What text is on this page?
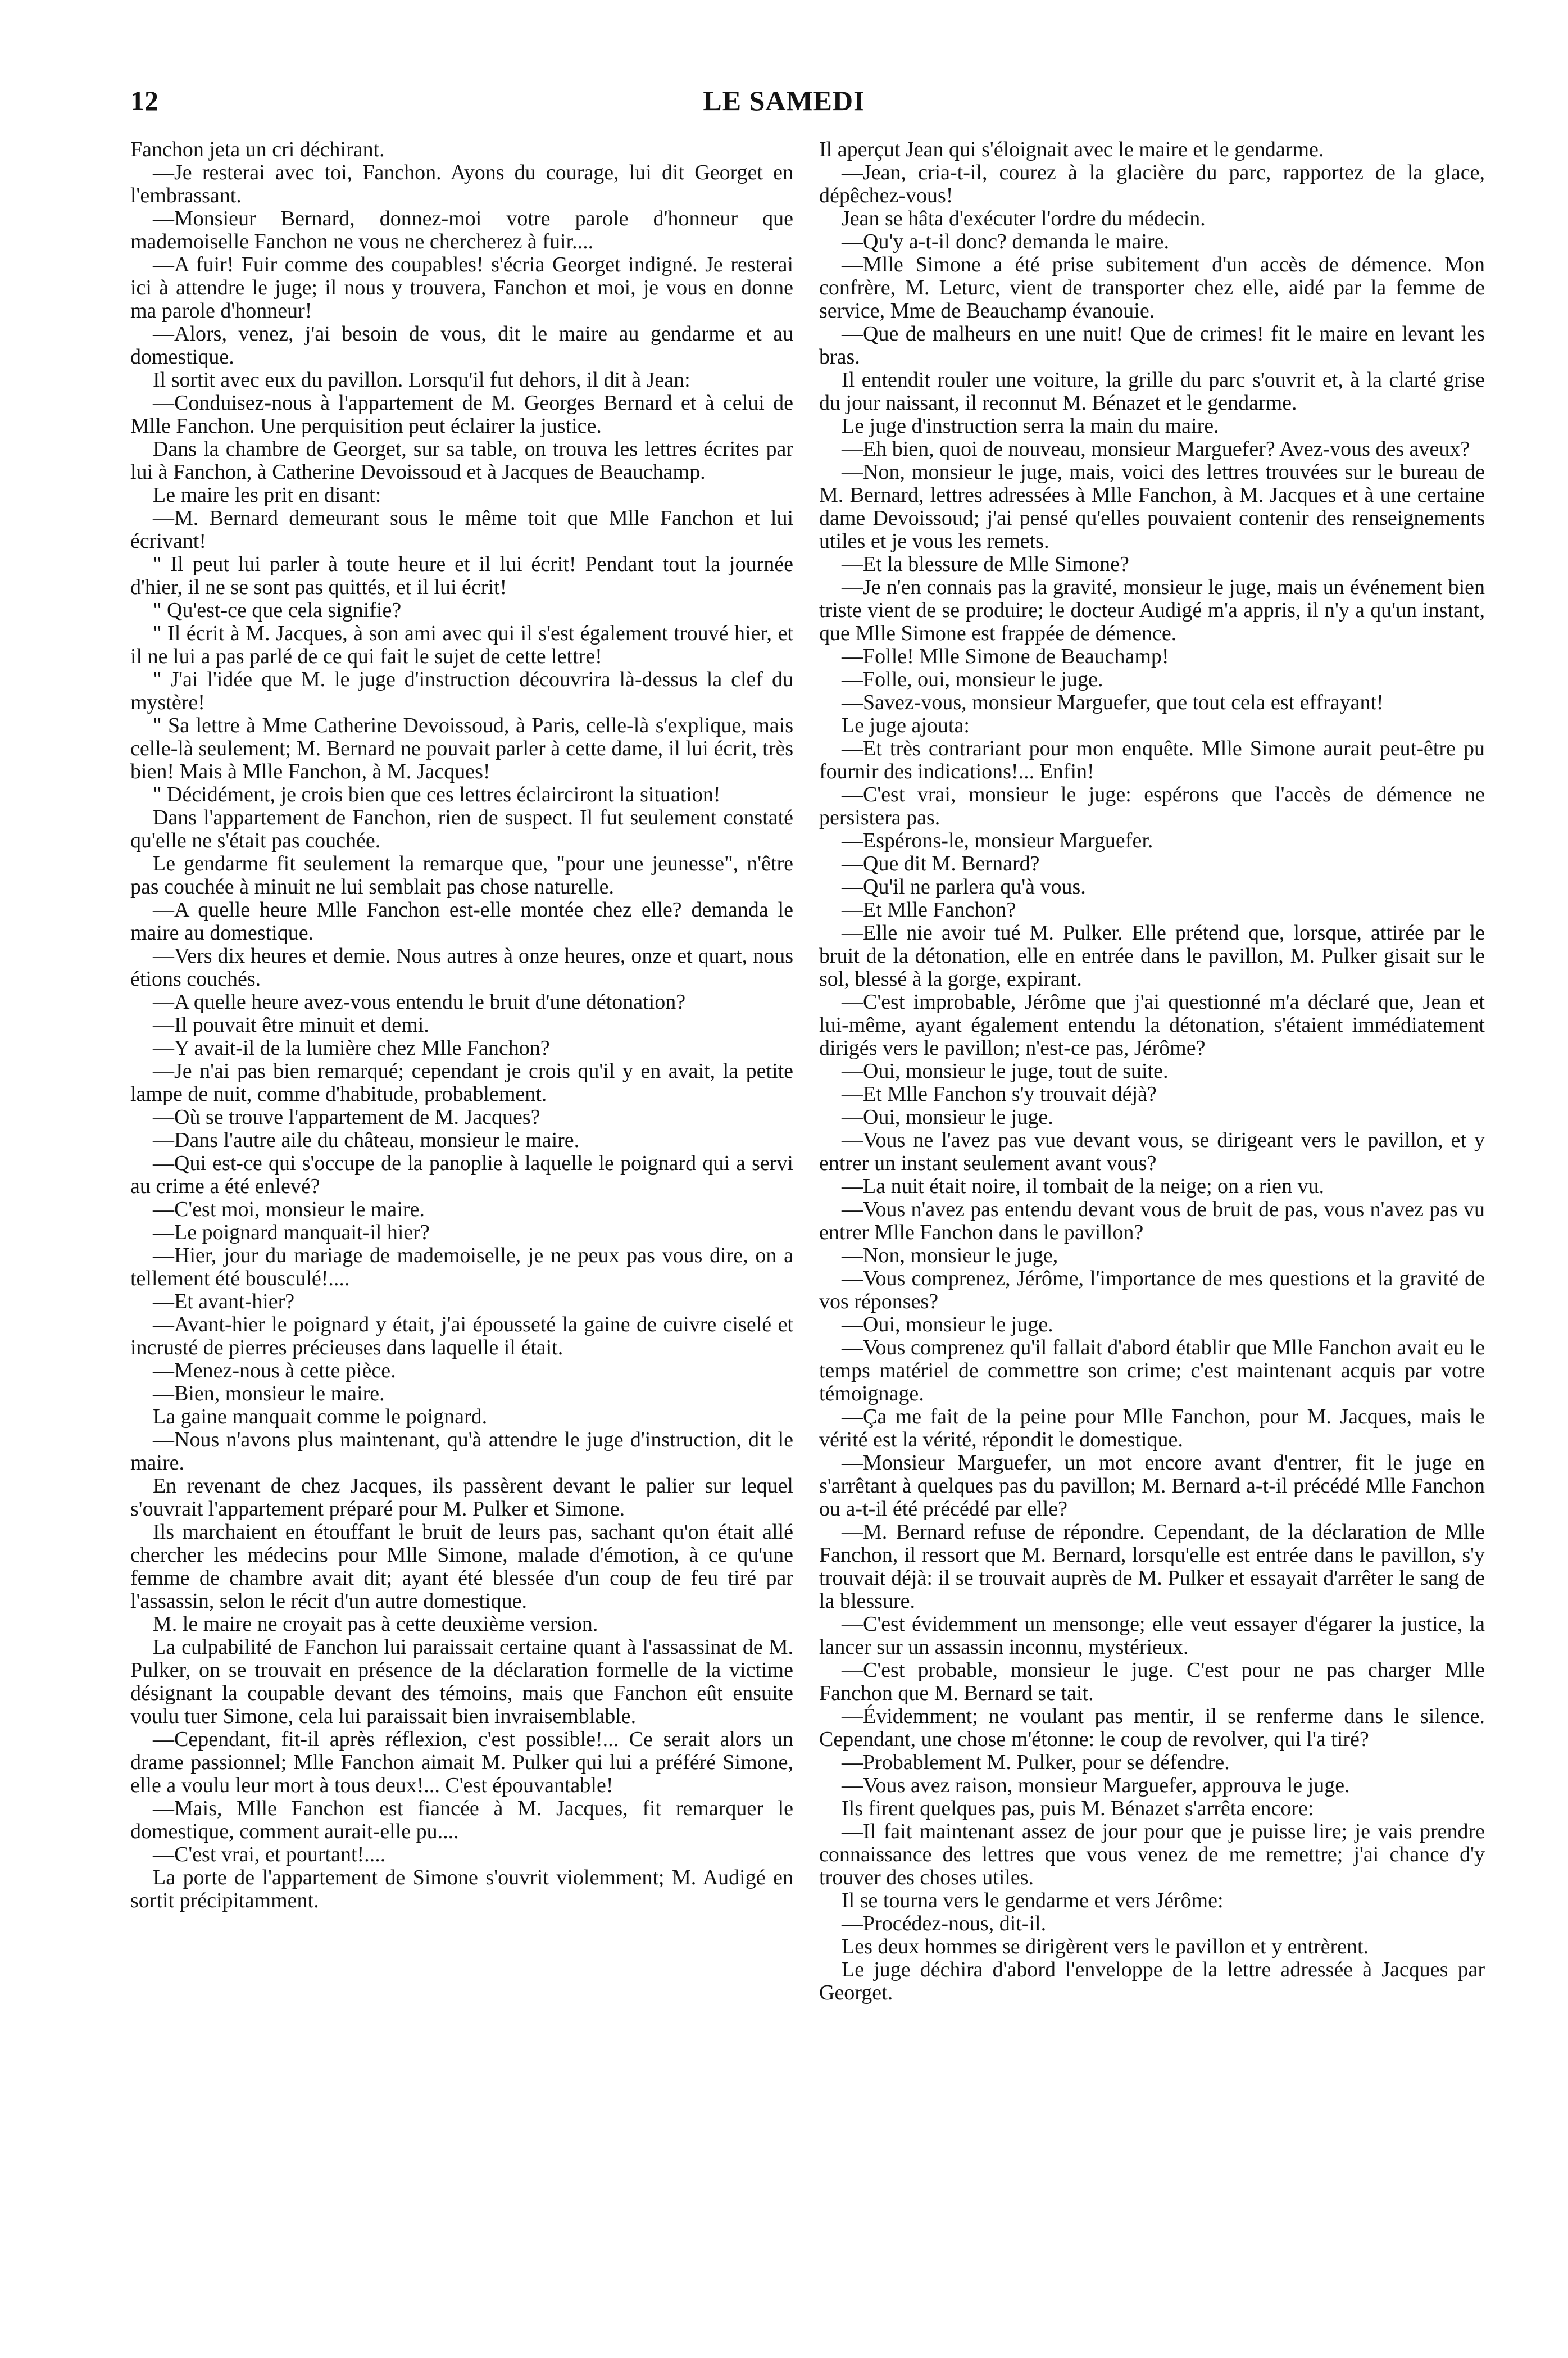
LE SAMEDI
12

Fanchon jeta un cri déchirant.

—Je resterai avec toi, Fanchon. Ayons du courage, lui dit Georget en l'embrassant.

—Monsieur Bernard, donnez-moi votre parole d'honneur que mademoiselle Fanchon ne vous ne chercherez à fuir....

—A fuir! Fuir comme des coupables! s'écria Georget indigné. Je resterai ici à attendre le juge; il nous y trouvera, Fanchon et moi, je vous en donne ma parole d'honneur!

—Alors, venez, j'ai besoin de vous, dit le maire au gendarme et au domestique.

Il sortit avec eux du pavillon. Lorsqu'il fut dehors, il dit à Jean:

—Conduisez-nous à l'appartement de M. Georges Bernard et à celui de Mlle Fanchon. Une perquisition peut éclairer la justice.

Dans la chambre de Georget, sur sa table, on trouva les lettres écrites par lui à Fanchon, à Catherine Devoissoud et à Jacques de Beauchamp.

Le maire les prit en disant:

—M. Bernard demeurant sous le même toit que Mlle Fanchon et lui écrivant!

" Il peut lui parler à toute heure et il lui écrit! Pendant tout la journée d'hier, il ne se sont pas quittés, et il lui écrit!

" Qu'est-ce que cela signifie?

" Il écrit à M. Jacques, à son ami avec qui il s'est également trouvé hier, et il ne lui a pas parlé de ce qui fait le sujet de cette lettre!

" J'ai l'idée que M. le juge d'instruction découvrira là-dessus la clef du mystère!

" Sa lettre à Mme Catherine Devoissoud, à Paris, celle-là s'explique, mais celle-là seulement; M. Bernard ne pouvait parler à cette dame, il lui écrit, très bien! Mais à Mlle Fanchon, à M. Jacques!

" Décidément, je crois bien que ces lettres éclairciront la situation!

Dans l'appartement de Fanchon, rien de suspect. Il fut seulement constaté qu'elle ne s'était pas couchée.

Le gendarme fit seulement la remarque que, "pour une jeunesse", n'être pas couchée à minuit ne lui semblait pas chose naturelle.

—A quelle heure Mlle Fanchon est-elle montée chez elle? demanda le maire au domestique.

—Vers dix heures et demie. Nous autres à onze heures, onze et quart, nous étions couchés.

—A quelle heure avez-vous entendu le bruit d'une détonation?

—Il pouvait être minuit et demi.

—Y avait-il de la lumière chez Mlle Fanchon?

—Je n'ai pas bien remarqué; cependant je crois qu'il y en avait, la petite lampe de nuit, comme d'habitude, probablement.

—Où se trouve l'appartement de M. Jacques?

—Dans l'autre aile du château, monsieur le maire.

—Qui est-ce qui s'occupe de la panoplie à laquelle le poignard qui a servi au crime a été enlevé?

—C'est moi, monsieur le maire.

—Le poignard manquait-il hier?

—Hier, jour du mariage de mademoiselle, je ne peux pas vous dire, on a tellement été bousculé!....

—Et avant-hier?

—Avant-hier le poignard y était, j'ai épousseté la gaine de cuivre ciselé et incrusté de pierres précieuses dans laquelle il était.

—Menez-nous à cette pièce.

—Bien, monsieur le maire.

La gaine manquait comme le poignard.

—Nous n'avons plus maintenant, qu'à attendre le juge d'instruction, dit le maire.

En revenant de chez Jacques, ils passèrent devant le palier sur lequel s'ouvrait l'appartement préparé pour M. Pulker et Simone.

Ils marchaient en étouffant le bruit de leurs pas, sachant qu'on était allé chercher les médecins pour Mlle Simone, malade d'émotion, à ce qu'une femme de chambre avait dit; ayant été blessée d'un coup de feu tiré par l'assassin, selon le récit d'un autre domestique.

M. le maire ne croyait pas à cette deuxième version.

La culpabilité de Fanchon lui paraissait certaine quant à l'assassinat de M. Pulker, on se trouvait en présence de la déclaration formelle de la victime désignant la coupable devant des témoins, mais que Fanchon eût ensuite voulu tuer Simone, cela lui paraissait bien invraisemblable.

—Cependant, fit-il après réflexion, c'est possible!... Ce serait alors un drame passionnel; Mlle Fanchon aimait M. Pulker qui lui a préféré Simone, elle a voulu leur mort à tous deux!... C'est épouvantable!

—Mais, Mlle Fanchon est fiancée à M. Jacques, fit remarquer le domestique, comment aurait-elle pu....

—C'est vrai, et pourtant!....

La porte de l'appartement de Simone s'ouvrit violemment; M. Audigé en sortit précipitamment.

Il aperçut Jean qui s'éloignait avec le maire et le gendarme.

—Jean, cria-t-il, courez à la glacière du parc, rapportez de la glace, dépêchez-vous!

Jean se hâta d'exécuter l'ordre du médecin.

—Qu'y a-t-il donc? demanda le maire.

—Mlle Simone a été prise subitement d'un accès de démence. Mon confrère, M. Leturc, vient de transporter chez elle, aidé par la femme de service, Mme de Beauchamp évanouie.

—Que de malheurs en une nuit! Que de crimes! fit le maire en levant les bras.

Il entendit rouler une voiture, la grille du parc s'ouvrit et, à la clarté grise du jour naissant, il reconnut M. Bénazet et le gendarme.

Le juge d'instruction serra la main du maire.

—Eh bien, quoi de nouveau, monsieur Marguefer? Avez-vous des aveux?

—Non, monsieur le juge, mais, voici des lettres trouvées sur le bureau de M. Bernard, lettres adressées à Mlle Fanchon, à M. Jacques et à une certaine dame Devoissoud; j'ai pensé qu'elles pouvaient contenir des renseignements utiles et je vous les remets.

—Et la blessure de Mlle Simone?

—Je n'en connais pas la gravité, monsieur le juge, mais un événement bien triste vient de se produire; le docteur Audigé m'a appris, il n'y a qu'un instant, que Mlle Simone est frappée de démence.

—Folle! Mlle Simone de Beauchamp!

—Folle, oui, monsieur le juge.

—Savez-vous, monsieur Marguefer, que tout cela est effrayant!

Le juge ajouta:

—Et très contrariant pour mon enquête. Mlle Simone aurait peut-être pu fournir des indications!... Enfin!

—C'est vrai, monsieur le juge: espérons que l'accès de démence ne persistera pas.

—Espérons-le, monsieur Marguefer.

—Que dit M. Bernard?

—Qu'il ne parlera qu'à vous.

—Et Mlle Fanchon?

—Elle nie avoir tué M. Pulker. Elle prétend que, lorsque, attirée par le bruit de la détonation, elle en entrée dans le pavillon, M. Pulker gisait sur le sol, blessé à la gorge, expirant.

—C'est improbable, Jérôme que j'ai questionné m'a déclaré que, Jean et lui-même, ayant également entendu la détonation, s'étaient immédiatement dirigés vers le pavillon; n'est-ce pas, Jérôme?

—Oui, monsieur le juge, tout de suite.

—Et Mlle Fanchon s'y trouvait déjà?

—Oui, monsieur le juge.

—Vous ne l'avez pas vue devant vous, se dirigeant vers le pavillon, et y entrer un instant seulement avant vous?

—La nuit était noire, il tombait de la neige; on a rien vu.

—Vous n'avez pas entendu devant vous de bruit de pas, vous n'avez pas vu entrer Mlle Fanchon dans le pavillon?

—Non, monsieur le juge,

—Vous comprenez, Jérôme, l'importance de mes questions et la gravité de vos réponses?

—Oui, monsieur le juge.

—Vous comprenez qu'il fallait d'abord établir que Mlle Fanchon avait eu le temps matériel de commettre son crime; c'est maintenant acquis par votre témoignage.

—Ça me fait de la peine pour Mlle Fanchon, pour M. Jacques, mais le vérité est la vérité, répondit le domestique.

—Monsieur Marguefer, un mot encore avant d'entrer, fit le juge en s'arrêtant à quelques pas du pavillon; M. Bernard a-t-il précédé Mlle Fanchon ou a-t-il été précédé par elle?

—M. Bernard refuse de répondre. Cependant, de la déclaration de Mlle Fanchon, il ressort que M. Bernard, lorsqu'elle est entrée dans le pavillon, s'y trouvait déjà: il se trouvait auprès de M. Pulker et essayait d'arrêter le sang de la blessure.

—C'est évidemment un mensonge; elle veut essayer d'égarer la justice, la lancer sur un assassin inconnu, mystérieux.

—C'est probable, monsieur le juge. C'est pour ne pas charger Mlle Fanchon que M. Bernard se tait.

—Évidemment; ne voulant pas mentir, il se renferme dans le silence. Cependant, une chose m'étonne: le coup de revolver, qui l'a tiré?

—Probablement M. Pulker, pour se défendre.

—Vous avez raison, monsieur Marguefer, approuva le juge.

Ils firent quelques pas, puis M. Bénazet s'arrêta encore:

—Il fait maintenant assez de jour pour que je puisse lire; je vais prendre connaissance des lettres que vous venez de me remettre; j'ai chance d'y trouver des choses utiles.

Il se tourna vers le gendarme et vers Jérôme:

—Procédez-nous, dit-il.

Les deux hommes se dirigèrent vers le pavillon et y entrèrent.

Le juge déchira d'abord l'enveloppe de la lettre adressée à Jacques par Georget.
